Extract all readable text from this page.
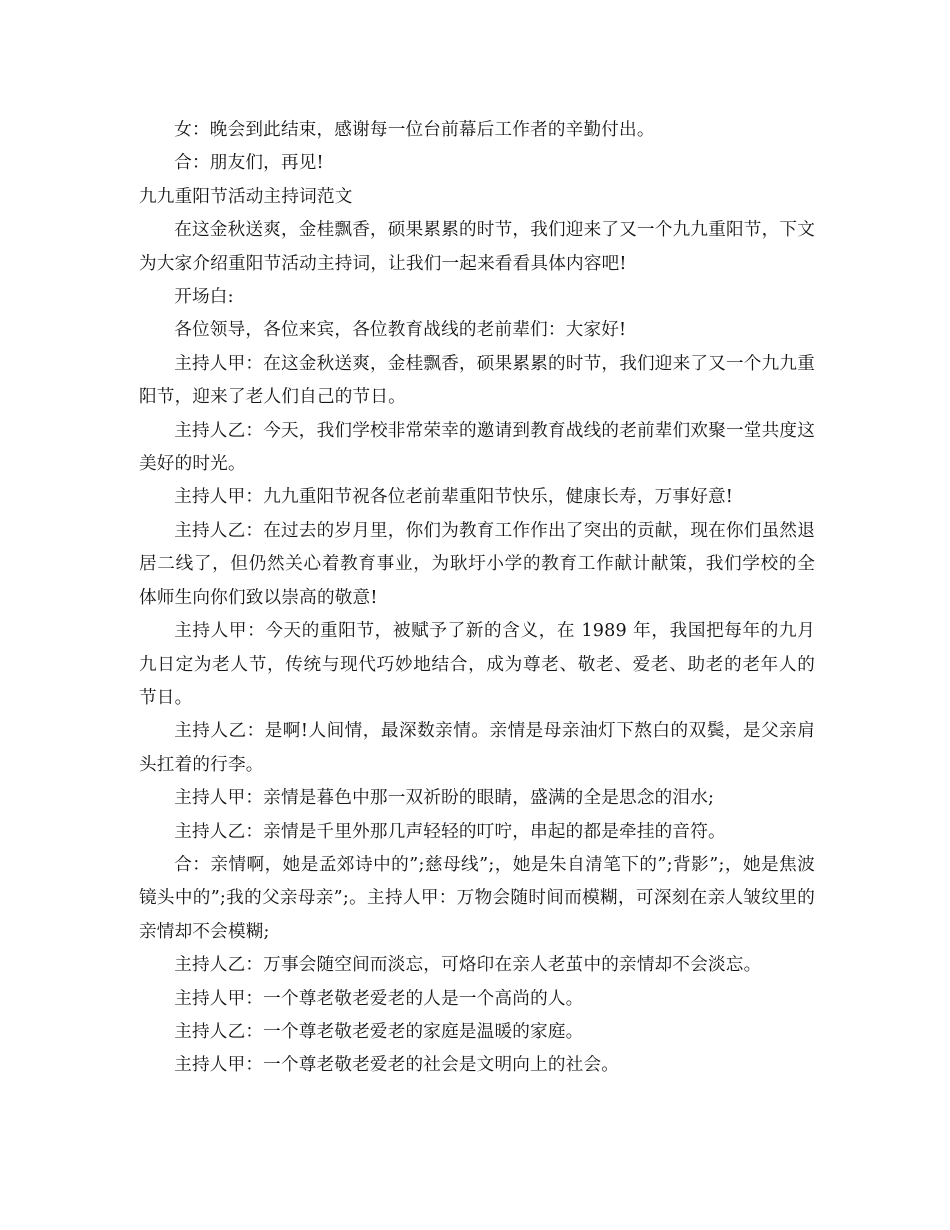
女：晚会到此结束，感谢每一位台前幕后工作者的辛勤付出。

合：朋友们，再见!

九九重阳节活动主持词范文

在这金秋送爽，金桂飘香，硕果累累的时节，我们迎来了又一个九九重阳节，下文为大家介绍重阳节活动主持词，让我们一起来看看具体内容吧!

开场白:

各位领导，各位来宾，各位教育战线的老前辈们：大家好!

主持人甲：在这金秋送爽，金桂飘香，硕果累累的时节，我们迎来了又一个九九重阳节，迎来了老人们自己的节日。

主持人乙：今天，我们学校非常荣幸的邀请到教育战线的老前辈们欢聚一堂共度这美好的时光。

主持人甲：九九重阳节祝各位老前辈重阳节快乐，健康长寿，万事好意!

主持人乙：在过去的岁月里，你们为教育工作作出了突出的贡献，现在你们虽然退居二线了，但仍然关心着教育事业，为耿圩小学的教育工作献计献策，我们学校的全体师生向你们致以崇高的敬意!

主持人甲：今天的重阳节，被赋予了新的含义，在 1989 年，我国把每年的九月九日定为老人节，传统与现代巧妙地结合，成为尊老、敬老、爱老、助老的老年人的节日。

主持人乙：是啊!人间情，最深数亲情。亲情是母亲油灯下熬白的双鬓，是父亲肩头扛着的行李。

主持人甲：亲情是暮色中那一双祈盼的眼睛，盛满的全是思念的泪水;

主持人乙：亲情是千里外那几声轻轻的叮咛，串起的都是牵挂的音符。

合：亲情啊，她是孟郊诗中的”;慈母线”;，她是朱自清笔下的”;背影”;，她是焦波镜头中的”;我的父亲母亲”;。主持人甲：万物会随时间而模糊，可深刻在亲人皱纹里的亲情却不会模糊;

主持人乙：万事会随空间而淡忘，可烙印在亲人老茧中的亲情却不会淡忘。

主持人甲：一个尊老敬老爱老的人是一个高尚的人。

主持人乙：一个尊老敬老爱老的家庭是温暖的家庭。

主持人甲：一个尊老敬老爱老的社会是文明向上的社会。
